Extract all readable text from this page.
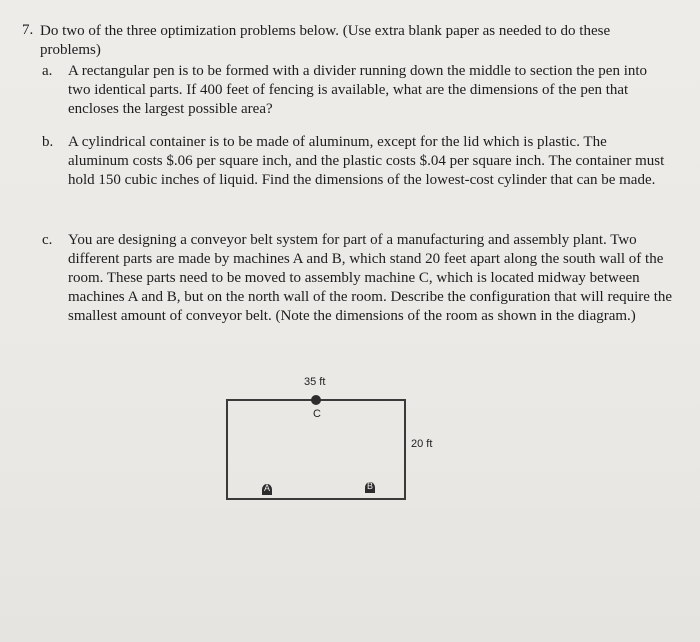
7. Do two of the three optimization problems below. (Use extra blank paper as needed to do these problems)
a. A rectangular pen is to be formed with a divider running down the middle to section the pen into two identical parts. If 400 feet of fencing is available, what are the dimensions of the pen that encloses the largest possible area?
b. A cylindrical container is to be made of aluminum, except for the lid which is plastic. The aluminum costs $.06 per square inch, and the plastic costs $.04 per square inch. The container must hold 150 cubic inches of liquid. Find the dimensions of the lowest-cost cylinder that can be made.
c. You are designing a conveyor belt system for part of a manufacturing and assembly plant. Two different parts are made by machines A and B, which stand 20 feet apart along the south wall of the room. These parts need to be moved to assembly machine C, which is located midway between machines A and B, but on the north wall of the room. Describe the configuration that will require the smallest amount of conveyor belt. (Note the dimensions of the room as shown in the diagram.)
35 ft
C
20 ft
A	B
